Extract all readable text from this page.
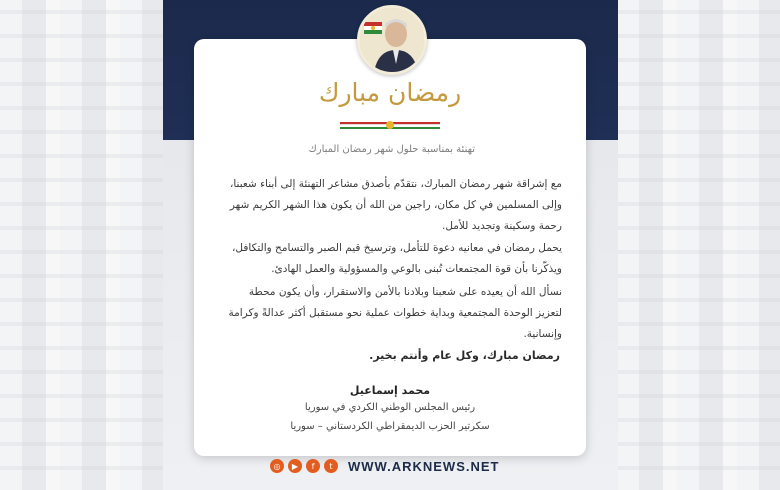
رمضان مبارك
تهنئة بمناسبة حلول شهر رمضان المبارك
مع إشراقة شهر رمضان المبارك، نتقدّم بأصدق مشاعر التهنئة إلى أبناء شعبنا، وإلى المسلمين في كل مكان، راجين من الله أن يكون هذا الشهر الكريم شهر رحمة وسكينة وتجديد للأمل.
يحمل رمضان في معانيه دعوة للتأمل، وترسيخ قيم الصبر والتسامح والتكافل، ويذكّرنا بأن قوة المجتمعات تُبنى بالوعي والمسؤولية والعمل الهادئ.
نسأل الله أن يعيده على شعبنا وبلادنا بالأمن والاستقرار، وأن يكون محطة لتعزيز الوحدة المجتمعية وبداية خطوات عملية نحو مستقبل أكثر عدالةً وكرامة وإنسانية.
رمضان مبارك، وكل عام وأنتم بخير.
محمد إسماعيل
رئيس المجلس الوطني الكردي في سوريا
سكرتير الحزب الديمقراطي الكردستاني – سوريا
◎	▶	f	t	WWW.ARKNEWS.NET
